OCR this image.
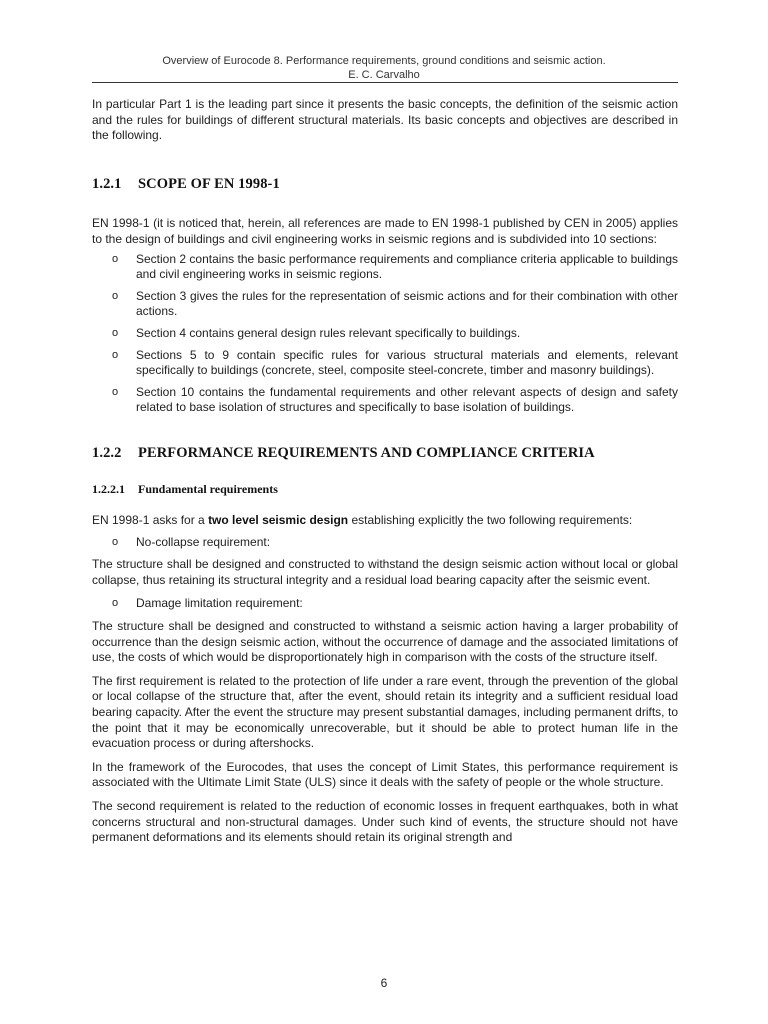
Overview of Eurocode 8. Performance requirements, ground conditions and seismic action.
E. C. Carvalho

In particular Part 1 is the leading part since it presents the basic concepts, the definition of the seismic action and the rules for buildings of different structural materials. Its basic concepts and objectives are described in the following.

1.2.1 SCOPE OF EN 1998-1

EN 1998-1 (it is noticed that, herein, all references are made to EN 1998-1 published by CEN in 2005) applies to the design of buildings and civil engineering works in seismic regions and is subdivided into 10 sections:

o Section 2 contains the basic performance requirements and compliance criteria applicable to buildings and civil engineering works in seismic regions.
o Section 3 gives the rules for the representation of seismic actions and for their combination with other actions.
o Section 4 contains general design rules relevant specifically to buildings.
o Sections 5 to 9 contain specific rules for various structural materials and elements, relevant specifically to buildings (concrete, steel, composite steel-concrete, timber and masonry buildings).
o Section 10 contains the fundamental requirements and other relevant aspects of design and safety related to base isolation of structures and specifically to base isolation of buildings.
1.2.2 PERFORMANCE REQUIREMENTS AND COMPLIANCE CRITERIA
1.2.2.1 Fundamental requirements

EN 1998-1 asks for a two level seismic design establishing explicitly the two following requirements:

o No-collapse requirement:

The structure shall be designed and constructed to withstand the design seismic action without local or global collapse, thus retaining its structural integrity and a residual load bearing capacity after the seismic event.

o Damage limitation requirement:

The structure shall be designed and constructed to withstand a seismic action having a larger probability of occurrence than the design seismic action, without the occurrence of damage and the associated limitations of use, the costs of which would be disproportionately high in comparison with the costs of the structure itself.

The first requirement is related to the protection of life under a rare event, through the prevention of the global or local collapse of the structure that, after the event, should retain its integrity and a sufficient residual load bearing capacity. After the event the structure may present substantial damages, including permanent drifts, to the point that it may be economically unrecoverable, but it should be able to protect human life in the evacuation process or during aftershocks.

In the framework of the Eurocodes, that uses the concept of Limit States, this performance requirement is associated with the Ultimate Limit State (ULS) since it deals with the safety of people or the whole structure.

The second requirement is related to the reduction of economic losses in frequent earthquakes, both in what concerns structural and non-structural damages. Under such kind of events, the structure should not have permanent deformations and its elements should retain its original strength and

6
